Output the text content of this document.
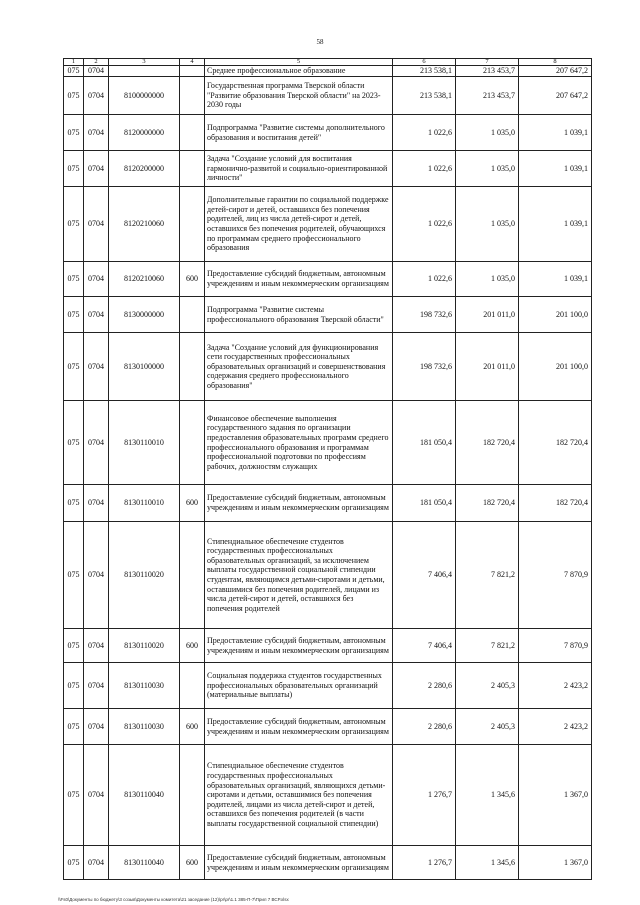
58
1	2	3	4	5	6	7	8
075	0704			Среднее профессиональное образование	213 538,1	213 453,7	207 647,2
075	0704	8100000000		Государственная программа Тверской области "Развитие образования Тверской области" на 2023-2030 годы	213 538,1	213 453,7	207 647,2
075	0704	8120000000		Подпрограмма "Развитие системы дополнительного образования и воспитания детей"	1 022,6	1 035,0	1 039,1
075	0704	8120200000		Задача "Создание условий для воспитания гармонично-развитой и социально-ориентированной личности"	1 022,6	1 035,0	1 039,1
075	0704	8120210060		Дополнительные гарантии по социальной поддержке детей-сирот и детей, оставшихся без попечения родителей, лиц из числа детей-сирот и детей, оставшихся без попечения родителей, обучающихся по программам среднего профессионального образования	1 022,6	1 035,0	1 039,1
075	0704	8120210060	600	Предоставление субсидий бюджетным, автономным учреждениям и иным некоммерческим организациям	1 022,6	1 035,0	1 039,1
075	0704	8130000000		Подпрограмма "Развитие системы профессионального образования Тверской области"	198 732,6	201 011,0	201 100,0
075	0704	8130100000		Задача "Создание условий для функционирования сети государственных профессиональных образовательных организаций и совершенствования содержания среднего профессионального образования"	198 732,6	201 011,0	201 100,0
075	0704	8130110010		Финансовое обеспечение выполнения государственного задания по организации предоставления образовательных программ среднего профессионального образования и программам профессиональной подготовки по профессиям рабочих, должностям служащих	181 050,4	182 720,4	182 720,4
075	0704	8130110010	600	Предоставление субсидий бюджетным, автономным учреждениям и иным некоммерческим организациям	181 050,4	182 720,4	182 720,4
075	0704	8130110020		Стипендиальное обеспечение студентов государственных профессиональных образовательных организаций, за исключением выплаты государственной социальной стипендии студентам, являющимся детьми-сиротами и детьми, оставшимися без попечения родителей, лицами из числа детей-сирот и детей, оставшихся без попечения родителей	7 406,4	7 821,2	7 870,9
075	0704	8130110020	600	Предоставление субсидий бюджетным, автономным учреждениям и иным некоммерческим организациям	7 406,4	7 821,2	7 870,9
075	0704	8130110030		Социальная поддержка студентов государственных профессиональных образовательных организаций (материальные выплаты)	2 280,6	2 405,3	2 423,2
075	0704	8130110030	600	Предоставление субсидий бюджетным, автономным учреждениям и иным некоммерческим организациям	2 280,6	2 405,3	2 423,2
075	0704	8130110040		Стипендиальное обеспечение студентов государственных профессиональных образовательных организаций, являющихся детьми-сиротами и детьми, оставшимися без попечения родителей, лицами из числа детей-сирот и детей, оставшихся без попечения родителей (в части выплаты государственной социальной стипендии)	1 276,7	1 345,6	1 367,0
075	0704	8130110040	600	Предоставление субсидий бюджетным, автономным учреждениям и иным некоммерческим организациям	1 276,7	1 345,6	1 367,0
\\Fs0\Документы по бюджету\3 созыв\Документы комитета\21 заседание (12)\pr\pr\1.1 385-П-7\Прил 7 ВСР.xlsx
